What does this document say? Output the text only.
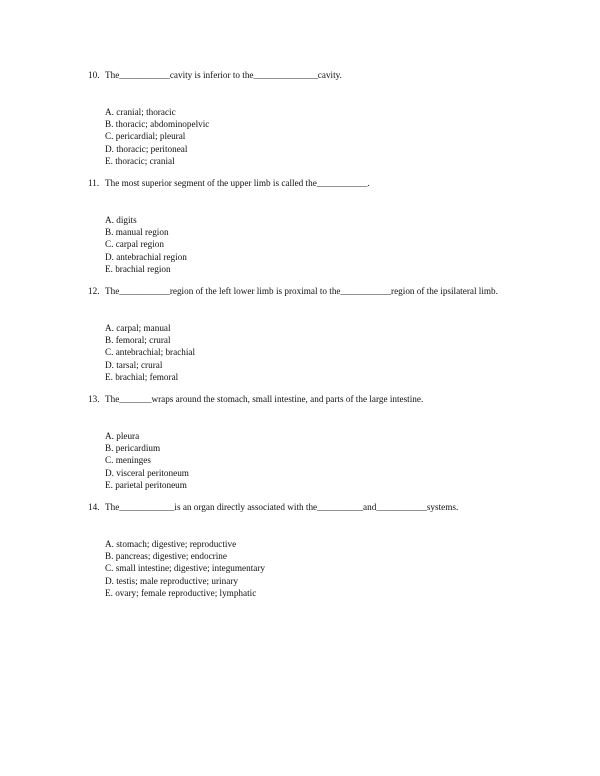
10. The___________cavity is inferior to the______________cavity.
A. cranial; thoracic
B. thoracic; abdominopelvic
C. pericardial; pleural
D. thoracic; peritoneal
E. thoracic; cranial
11. The most superior segment of the upper limb is called the___________.
A. digits
B. manual region
C. carpal region
D. antebrachial region
E. brachial region
12. The___________region of the left lower limb is proximal to the___________region of the ipsilateral limb.
A. carpal; manual
B. femoral; crural
C. antebrachial; brachial
D. tarsal; crural
E. brachial; femoral
13. The_______wraps around the stomach, small intestine, and parts of the large intestine.
A. pleura
B. pericardium
C. meninges
D. visceral peritoneum
E. parietal peritoneum
14. The____________is an organ directly associated with the__________and___________systems.
A. stomach; digestive; reproductive
B. pancreas; digestive; endocrine
C. small intestine; digestive; integumentary
D. testis; male reproductive; urinary
E. ovary; female reproductive; lymphatic
